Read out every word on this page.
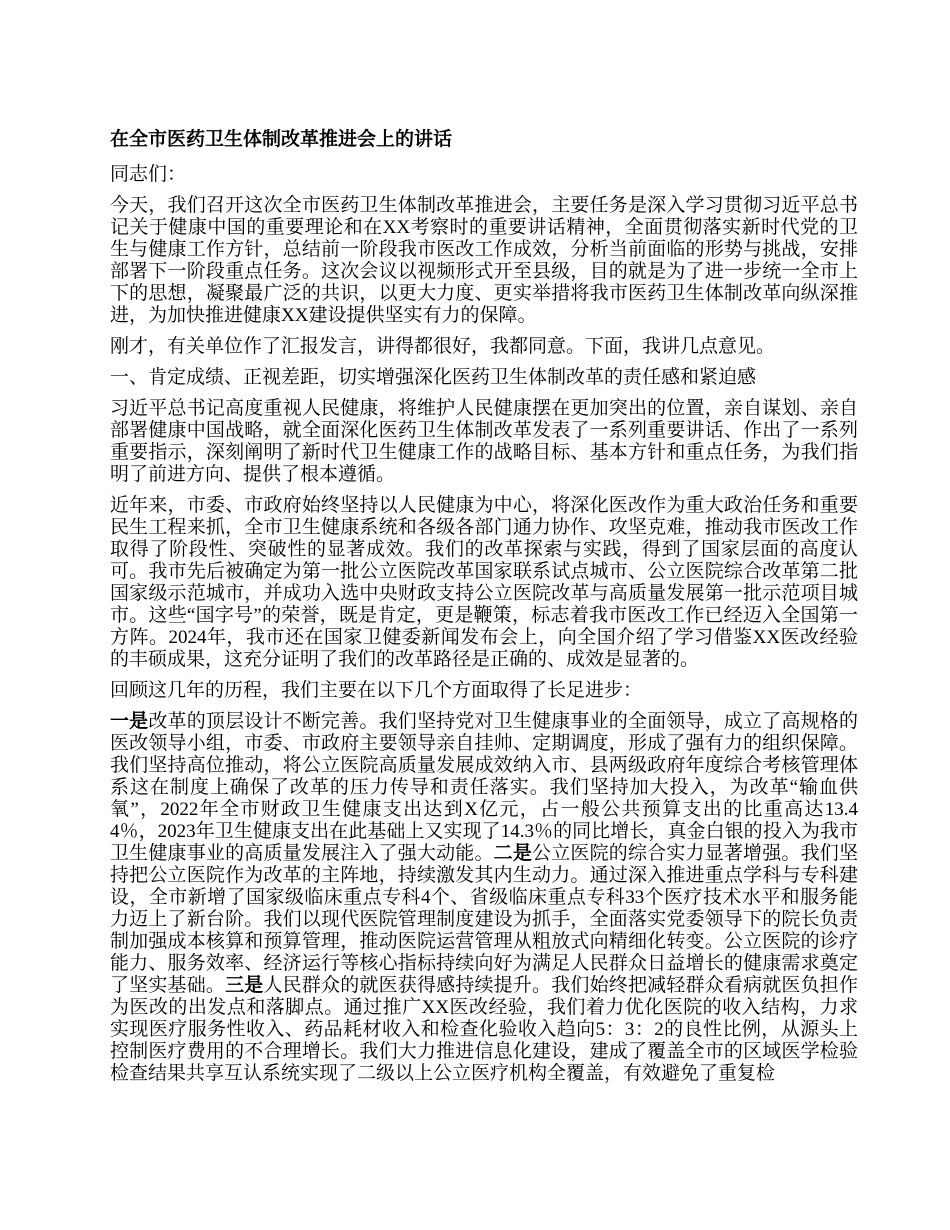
在全市医药卫生体制改革推进会上的讲话

同志们：

今天，我们召开这次全市医药卫生体制改革推进会，主要任务是深入学习贯彻习近平总书记关于健康中国的重要理论和在XX考察时的重要讲话精神，全面贯彻落实新时代党的卫生与健康工作方针，总结前一阶段我市医改工作成效，分析当前面临的形势与挑战，安排部署下一阶段重点任务。这次会议以视频形式开至县级，目的就是为了进一步统一全市上下的思想，凝聚最广泛的共识，以更大力度、更实举措将我市医药卫生体制改革向纵深推进，为加快推进健康XX建设提供坚实有力的保障。

刚才，有关单位作了汇报发言，讲得都很好，我都同意。下面，我讲几点意见。

一、肯定成绩、正视差距，切实增强深化医药卫生体制改革的责任感和紧迫感

习近平总书记高度重视人民健康，将维护人民健康摆在更加突出的位置，亲自谋划、亲自部署健康中国战略，就全面深化医药卫生体制改革发表了一系列重要讲话、作出了一系列重要指示，深刻阐明了新时代卫生健康工作的战略目标、基本方针和重点任务，为我们指明了前进方向、提供了根本遵循。

近年来，市委、市政府始终坚持以人民健康为中心，将深化医改作为重大政治任务和重要民生工程来抓，全市卫生健康系统和各级各部门通力协作、攻坚克难，推动我市医改工作取得了阶段性、突破性的显著成效。我们的改革探索与实践，得到了国家层面的高度认可。我市先后被确定为第一批公立医院改革国家联系试点城市、公立医院综合改革第二批国家级示范城市，并成功入选中央财政支持公立医院改革与高质量发展第一批示范项目城市。这些“国字号”的荣誉，既是肯定，更是鞭策，标志着我市医改工作已经迈入全国第一方阵。2024年，我市还在国家卫健委新闻发布会上，向全国介绍了学习借鉴XX医改经验的丰硕成果，这充分证明了我们的改革路径是正确的、成效是显著的。

回顾这几年的历程，我们主要在以下几个方面取得了长足进步：

一是改革的顶层设计不断完善。我们坚持党对卫生健康事业的全面领导，成立了高规格的医改领导小组，市委、市政府主要领导亲自挂帅、定期调度，形成了强有力的组织保障。我们坚持高位推动，将公立医院高质量发展成效纳入市、县两级政府年度综合考核管理体系这在制度上确保了改革的压力传导和责任落实。我们坚持加大投入，为改革“输血供氧”，2022年全市财政卫生健康支出达到X亿元，占一般公共预算支出的比重高达13.44％，2023年卫生健康支出在此基础上又实现了14.3％的同比增长，真金白银的投入为我市卫生健康事业的高质量发展注入了强大动能。二是公立医院的综合实力显著增强。我们坚持把公立医院作为改革的主阵地，持续激发其内生动力。通过深入推进重点学科与专科建设，全市新增了国家级临床重点专科4个、省级临床重点专科33个医疗技术水平和服务能力迈上了新台阶。我们以现代医院管理制度建设为抓手，全面落实党委领导下的院长负责制加强成本核算和预算管理，推动医院运营管理从粗放式向精细化转变。公立医院的诊疗能力、服务效率、经济运行等核心指标持续向好为满足人民群众日益增长的健康需求奠定了坚实基础。三是人民群众的就医获得感持续提升。我们始终把减轻群众看病就医负担作为医改的出发点和落脚点。通过推广XX医改经验，我们着力优化医院的收入结构，力求实现医疗服务性收入、药品耗材收入和检查化验收入趋向5：3：2的良性比例，从源头上控制医疗费用的不合理增长。我们大力推进信息化建设，建成了覆盖全市的区域医学检验检查结果共享互认系统实现了二级以上公立医疗机构全覆盖，有效避免了重复检
